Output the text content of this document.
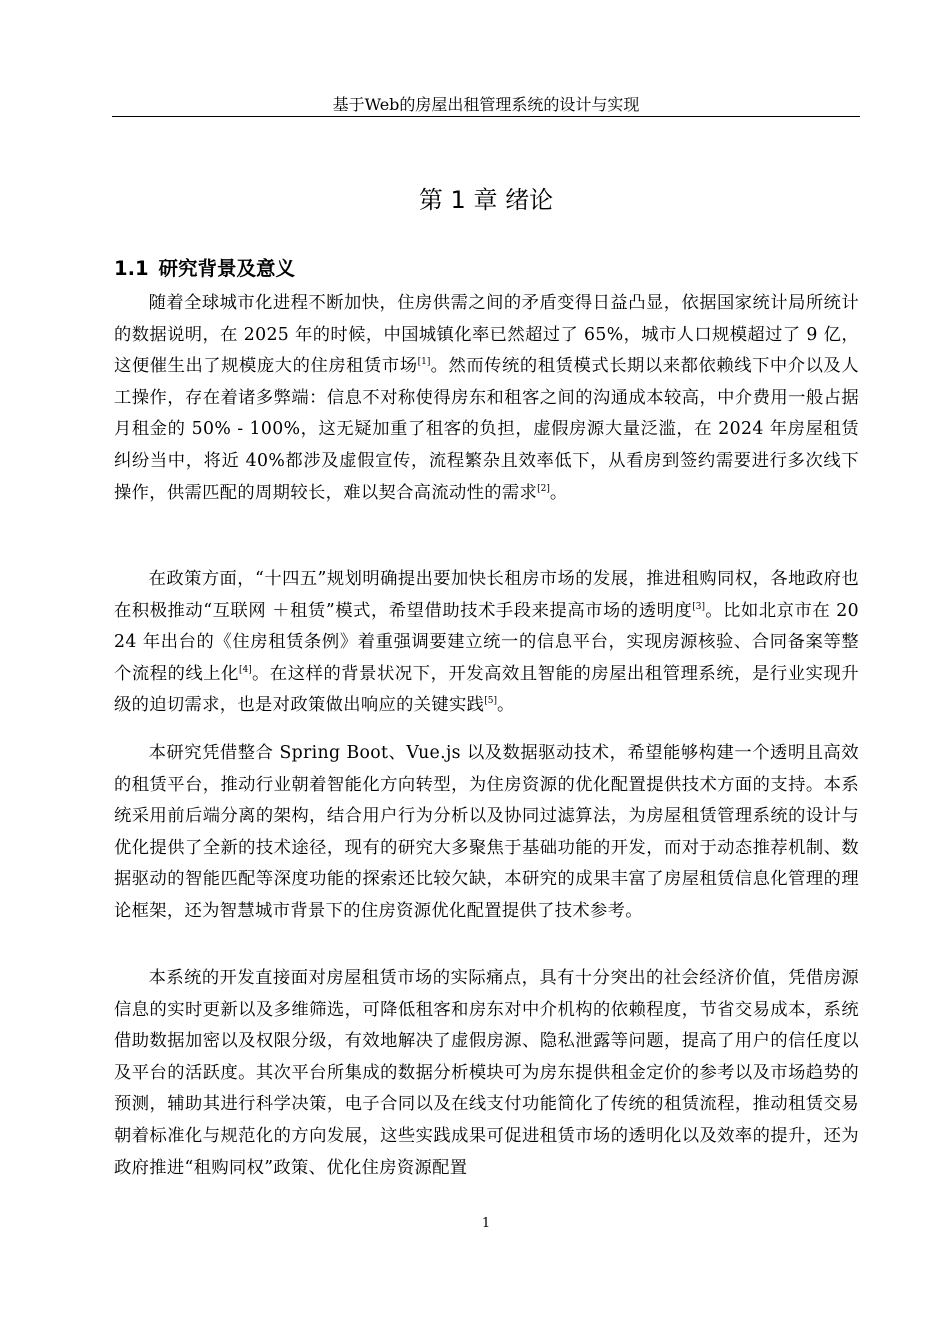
基于Web的房屋出租管理系统的设计与实现
第 1 章 绪论
1.1 研究背景及意义

随着全球城市化进程不断加快，住房供需之间的矛盾变得日益凸显，依据国家统计局所统计的数据说明，在 2025 年的时候，中国城镇化率已然超过了 65%，城市人口规模超过了 9 亿，这便催生出了规模庞大的住房租赁市场[1]。然而传统的租赁模式长期以来都依赖线下中介以及人工操作，存在着诸多弊端：信息不对称使得房东和租客之间的沟通成本较高，中介费用一般占据月租金的 50% - 100%，这无疑加重了租客的负担，虚假房源大量泛滥，在 2024 年房屋租赁纠纷当中，将近 40%都涉及虚假宣传，流程繁杂且效率低下，从看房到签约需要进行多次线下操作，供需匹配的周期较长，难以契合高流动性的需求[2]。

在政策方面，“十四五”规划明确提出要加快长租房市场的发展，推进租购同权，各地政府也在积极推动“互联网 ＋租赁”模式，希望借助技术手段来提高市场的透明度[3]。比如北京市在 2024 年出台的《住房租赁条例》着重强调要建立统一的信息平台，实现房源核验、合同备案等整个流程的线上化[4]。在这样的背景状况下，开发高效且智能的房屋出租管理系统，是行业实现升级的迫切需求，也是对政策做出响应的关键实践[5]。

本研究凭借整合 Spring Boot、Vue.js 以及数据驱动技术，希望能够构建一个透明且高效的租赁平台，推动行业朝着智能化方向转型，为住房资源的优化配置提供技术方面的支持。本系统采用前后端分离的架构，结合用户行为分析以及协同过滤算法，为房屋租赁管理系统的设计与优化提供了全新的技术途径，现有的研究大多聚焦于基础功能的开发，而对于动态推荐机制、数据驱动的智能匹配等深度功能的探索还比较欠缺，本研究的成果丰富了房屋租赁信息化管理的理论框架，还为智慧城市背景下的住房资源优化配置提供了技术参考。

本系统的开发直接面对房屋租赁市场的实际痛点，具有十分突出的社会经济价值，凭借房源信息的实时更新以及多维筛选，可降低租客和房东对中介机构的依赖程度，节省交易成本，系统借助数据加密以及权限分级，有效地解决了虚假房源、隐私泄露等问题，提高了用户的信任度以及平台的活跃度。其次平台所集成的数据分析模块可为房东提供租金定价的参考以及市场趋势的预测，辅助其进行科学决策，电子合同以及在线支付功能简化了传统的租赁流程，推动租赁交易朝着标准化与规范化的方向发展，这些实践成果可促进租赁市场的透明化以及效率的提升，还为政府推进“租购同权”政策、优化住房资源配置

1
